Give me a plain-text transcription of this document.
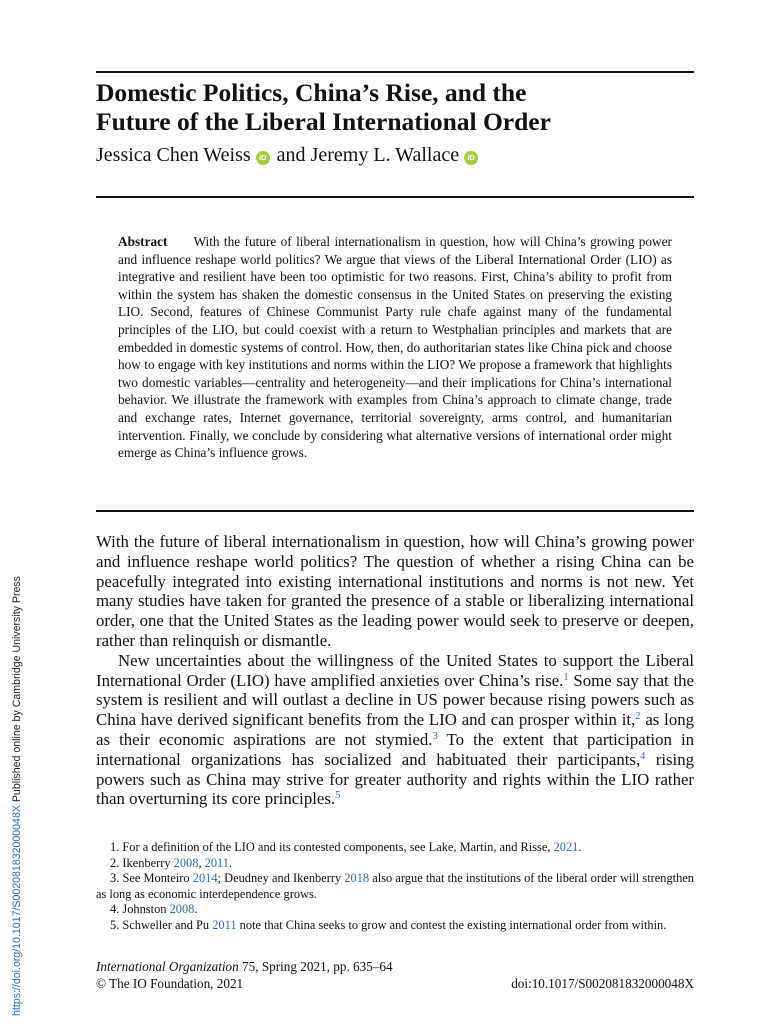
https://doi.org/10.1017/S002081832000048X Published online by Cambridge University Press
Domestic Politics, China’s Rise, and the
Future of the Liberal International Order
Jessica Chen Weiss iD and Jeremy L. Wallace iD

Abstract With the future of liberal internationalism in question, how will China’s growing power and influence reshape world politics? We argue that views of the Liberal International Order (LIO) as integrative and resilient have been too optimistic for two reasons. First, China’s ability to profit from within the system has shaken the domestic consensus in the United States on preserving the existing LIO. Second, features of Chinese Communist Party rule chafe against many of the fundamental principles of the LIO, but could coexist with a return to Westphalian principles and markets that are embedded in domestic systems of control. How, then, do authoritarian states like China pick and choose how to engage with key institutions and norms within the LIO? We propose a framework that highlights two domestic variables—centrality and heterogeneity—and their implications for China’s international behavior. We illustrate the framework with examples from China’s approach to climate change, trade and exchange rates, Internet governance, territorial sovereignty, arms control, and humanitarian intervention. Finally, we conclude by considering what alternative versions of international order might emerge as China’s influence grows.

With the future of liberal internationalism in question, how will China’s growing power and influence reshape world politics? The question of whether a rising China can be peacefully integrated into existing international institutions and norms is not new. Yet many studies have taken for granted the presence of a stable or liberalizing international order, one that the United States as the leading power would seek to preserve or deepen, rather than relinquish or dismantle.

New uncertainties about the willingness of the United States to support the Liberal International Order (LIO) have amplified anxieties over China’s rise.$^1$ Some say that the system is resilient and will outlast a decline in US power because rising powers such as China have derived significant benefits from the LIO and can prosper within it,$^2$ as long as their economic aspirations are not stymied.$^3$ To the extent that participation in international organizations has socialized and habituated their participants,$^4$ rising powers such as China may strive for greater authority and rights within the LIO rather than overturning its core principles.$^5$

1. For a definition of the LIO and its contested components, see Lake, Martin, and Risse, 2021.

2. Ikenberry 2008, 2011.

3. See Monteiro 2014; Deudney and Ikenberry 2018 also argue that the institutions of the liberal order will strengthen as long as economic interdependence grows.

4. Johnston 2008.

5. Schweller and Pu 2011 note that China seeks to grow and contest the existing international order from within.

International Organization 75, Spring 2021, pp. 635–64
© The IO Foundation, 2021	doi:10.1017/S002081832000048X
